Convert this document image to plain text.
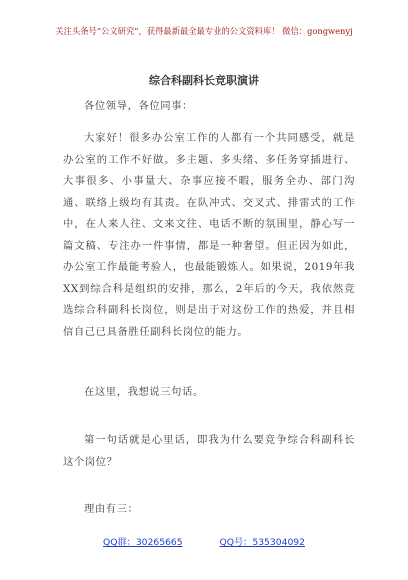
关注头条号“公文研究”，获得最新最全最专业的公文资料库！ 微信：gongwenyj
综合科副科长竞职演讲

各位领导，各位同事：

大家好！很多办公室工作的人都有一个共同感受，就是办公室的工作不好做。多主题、多头绪、多任务穿插进行、大事很多、小事量大、杂事应接不暇，服务全办、部门沟通、联络上级均有其责。在队冲式、交叉式、排雷式的工作中，在人来人往、文来文往、电话不断的氛围里，静心写一篇文稿、专注办一件事情，都是一种奢望。但正因为如此，办公室工作最能考验人，也最能锻炼人。如果说，2019年我XX到综合科是组织的安排，那么，2年后的今天，我依然竞选综合科副科长岗位，则是出于对这份工作的热爱，并且相信自己已具备胜任副科长岗位的能力。

在这里，我想说三句话。

第一句话就是心里话，即我为什么要竞争综合科副科长这个岗位？

理由有三：

QQ群：30265665	QQ号：535304092
